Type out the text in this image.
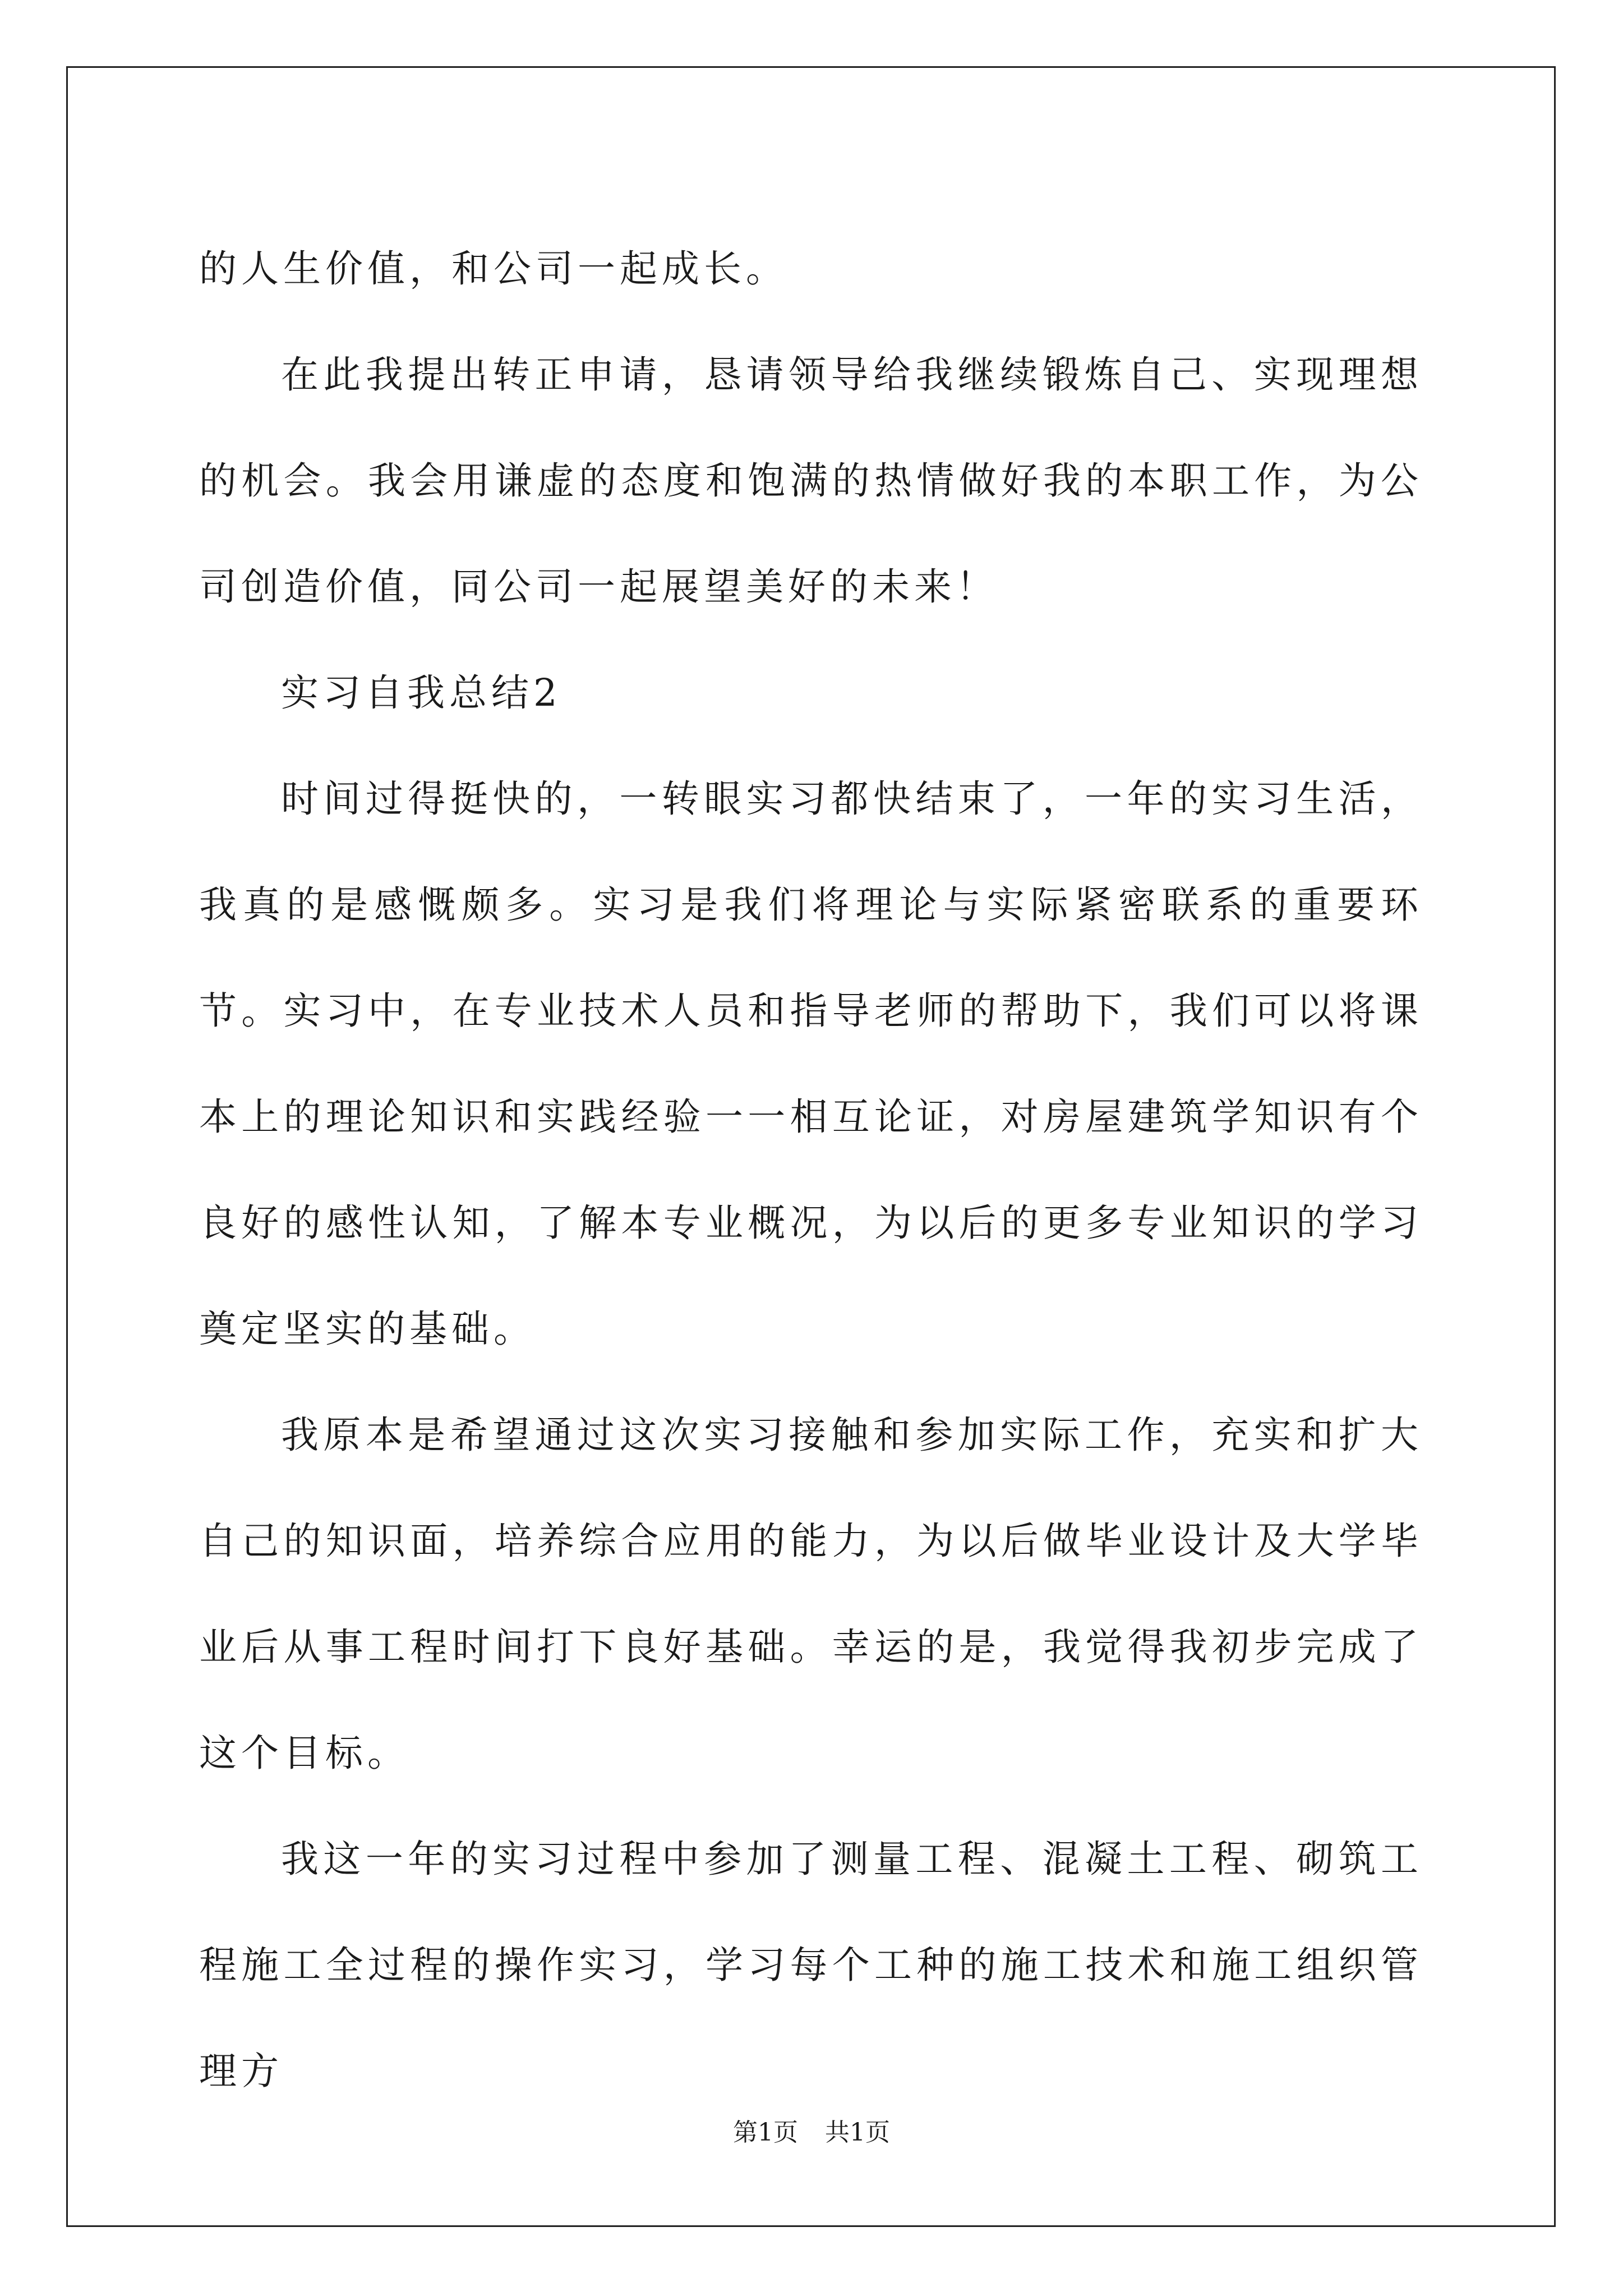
的人生价值，和公司一起成长。

在此我提出转正申请，恳请领导给我继续锻炼自己、实现理想的机会。我会用谦虚的态度和饱满的热情做好我的本职工作，为公司创造价值，同公司一起展望美好的未来！

实习自我总结2

时间过得挺快的，一转眼实习都快结束了，一年的实习生活，我真的是感慨颇多。实习是我们将理论与实际紧密联系的重要环节。实习中，在专业技术人员和指导老师的帮助下，我们可以将课本上的理论知识和实践经验一一相互论证，对房屋建筑学知识有个良好的感性认知，了解本专业概况，为以后的更多专业知识的学习奠定坚实的基础。

我原本是希望通过这次实习接触和参加实际工作，充实和扩大自己的知识面，培养综合应用的能力，为以后做毕业设计及大学毕业后从事工程时间打下良好基础。幸运的是，我觉得我初步完成了这个目标。

我这一年的实习过程中参加了测量工程、混凝土工程、砌筑工程施工全过程的操作实习，学习每个工种的施工技术和施工组织管理方

第1页 共1页
